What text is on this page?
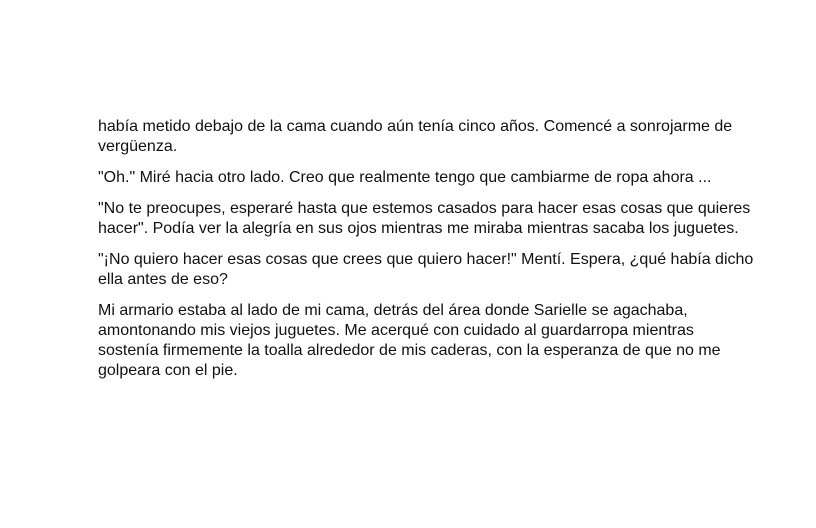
había metido debajo de la cama cuando aún tenía cinco años. Comencé a sonrojarme de vergüenza.

"Oh." Miré hacia otro lado. Creo que realmente tengo que cambiarme de ropa ahora ...

"No te preocupes, esperaré hasta que estemos casados para hacer esas cosas que quieres hacer". Podía ver la alegría en sus ojos mientras me miraba mientras sacaba los juguetes.

"¡No quiero hacer esas cosas que crees que quiero hacer!" Mentí. Espera, ¿qué había dicho ella antes de eso?

Mi armario estaba al lado de mi cama, detrás del área donde Sarielle se agachaba, amontonando mis viejos juguetes. Me acerqué con cuidado al guardarropa mientras sostenía firmemente la toalla alrededor de mis caderas, con la esperanza de que no me golpeara con el pie.
